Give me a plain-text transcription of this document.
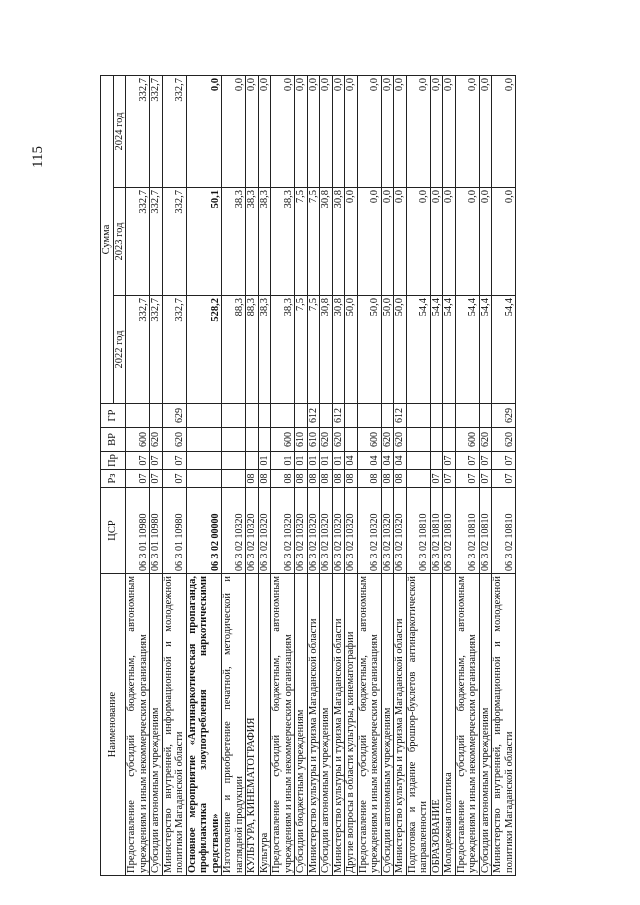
115
Наименование	ЦСР	Рз	Пр	ВР	ГР	Сумма		
						2022 год	2023 год	2024 год
Предоставление субсидий бюджетным, автономным учреждениям и иным некоммерческим организациям	06 3 01 10980	07	07	600		332,7	332,7	332,7
Субсидии автономным учреждениям	06 3 01 10980	07	07	620		332,7	332,7	332,7
Министерство внутренней, информационной и молодежной политики Магаданской области	06 3 01 10980	07	07	620	629	332,7	332,7	332,7
Основное мероприятие «Антинаркотическая пропаганда, профилактика злоупотребления наркотическими средствами»	06 3 02 00000					528,2	50,1	0,0
Изготовление и приобретение печатной, методической и наглядной продукции	06 3 02 10320					88,3	38,3	0,0
КУЛЬТУРА, КИНЕМАТОГРАФИЯ	06 3 02 10320	08				88,3	38,3	0,0
Культура	06 3 02 10320	08	01			38,3	38,3	0,0
Предоставление субсидий бюджетным, автономным учреждениям и иным некоммерческим организациям	06 3 02 10320	08	01	600		38,3	38,3	0,0
Субсидии бюджетным учреждениям	06 3 02 10320	08	01	610		7,5	7,5	0,0
Министерство культуры и туризма Магаданской области	06 3 02 10320	08	01	610	612	7,5	7,5	0,0
Субсидии автономным учреждениям	06 3 02 10320	08	01	620		30,8	30,8	0,0
Министерство культуры и туризма Магаданской области	06 3 02 10320	08	01	620	612	30,8	30,8	0,0
Другие вопросы в области культуры, кинематографии	06 3 02 10320	08	04			50,0	0,0	0,0
Предоставление субсидий бюджетным, автономным учреждениям и иным некоммерческим организациям	06 3 02 10320	08	04	600		50,0	0,0	0,0
Субсидии автономным учреждениям	06 3 02 10320	08	04	620		50,0	0,0	0,0
Министерство культуры и туризма Магаданской области	06 3 02 10320	08	04	620	612	50,0	0,0	0,0
Подготовка и издание брошюр-буклетов антинаркотической направленности	06 3 02 10810					54,4	0,0	0,0
ОБРАЗОВАНИЕ	06 3 02 10810	07				54,4	0,0	0,0
Молодежная политика	06 3 02 10810	07	07			54,4	0,0	0,0
Предоставление субсидий бюджетным, автономным учреждениям и иным некоммерческим организациям	06 3 02 10810	07	07	600		54,4	0,0	0,0
Субсидии автономным учреждениям	06 3 02 10810	07	07	620		54,4	0,0	0,0
Министерство внутренней, информационной и молодежной политики Магаданской области	06 3 02 10810	07	07	620	629	54,4	0,0	0,0
